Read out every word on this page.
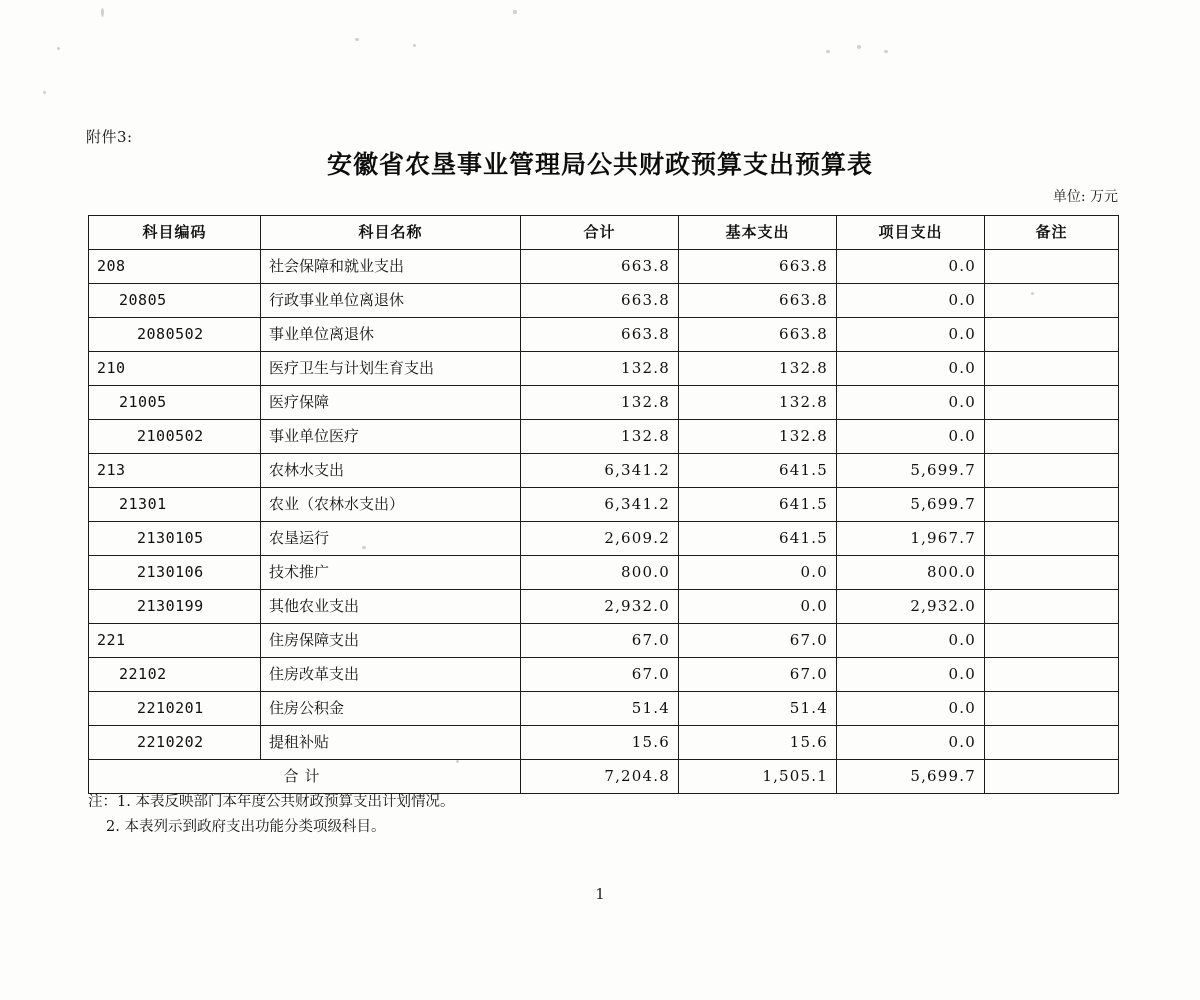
附件3:
安徽省农垦事业管理局公共财政预算支出预算表
单位: 万元
科目编码	科目名称	合计	基本支出	项目支出	备注
208	社会保障和就业支出	663.8	663.8	0.0	
20805	行政事业单位离退休	663.8	663.8	0.0	
2080502	事业单位离退休	663.8	663.8	0.0	
210	医疗卫生与计划生育支出	132.8	132.8	0.0	
21005	医疗保障	132.8	132.8	0.0	
2100502	事业单位医疗	132.8	132.8	0.0	
213	农林水支出	6,341.2	641.5	5,699.7	
21301	农业（农林水支出）	6,341.2	641.5	5,699.7	
2130105	农垦运行	2,609.2	641.5	1,967.7	
2130106	技术推广	800.0	0.0	800.0	
2130199	其他农业支出	2,932.0	0.0	2,932.0	
221	住房保障支出	67.0	67.0	0.0	
22102	住房改革支出	67.0	67.0	0.0	
2210201	住房公积金	51.4	51.4	0.0	
2210202	提租补贴	15.6	15.6	0.0	
合计		7,204.8	1,505.1	5,699.7	
注：1. 本表反映部门本年度公共财政预算支出计划情况。
2. 本表列示到政府支出功能分类项级科目。
1
